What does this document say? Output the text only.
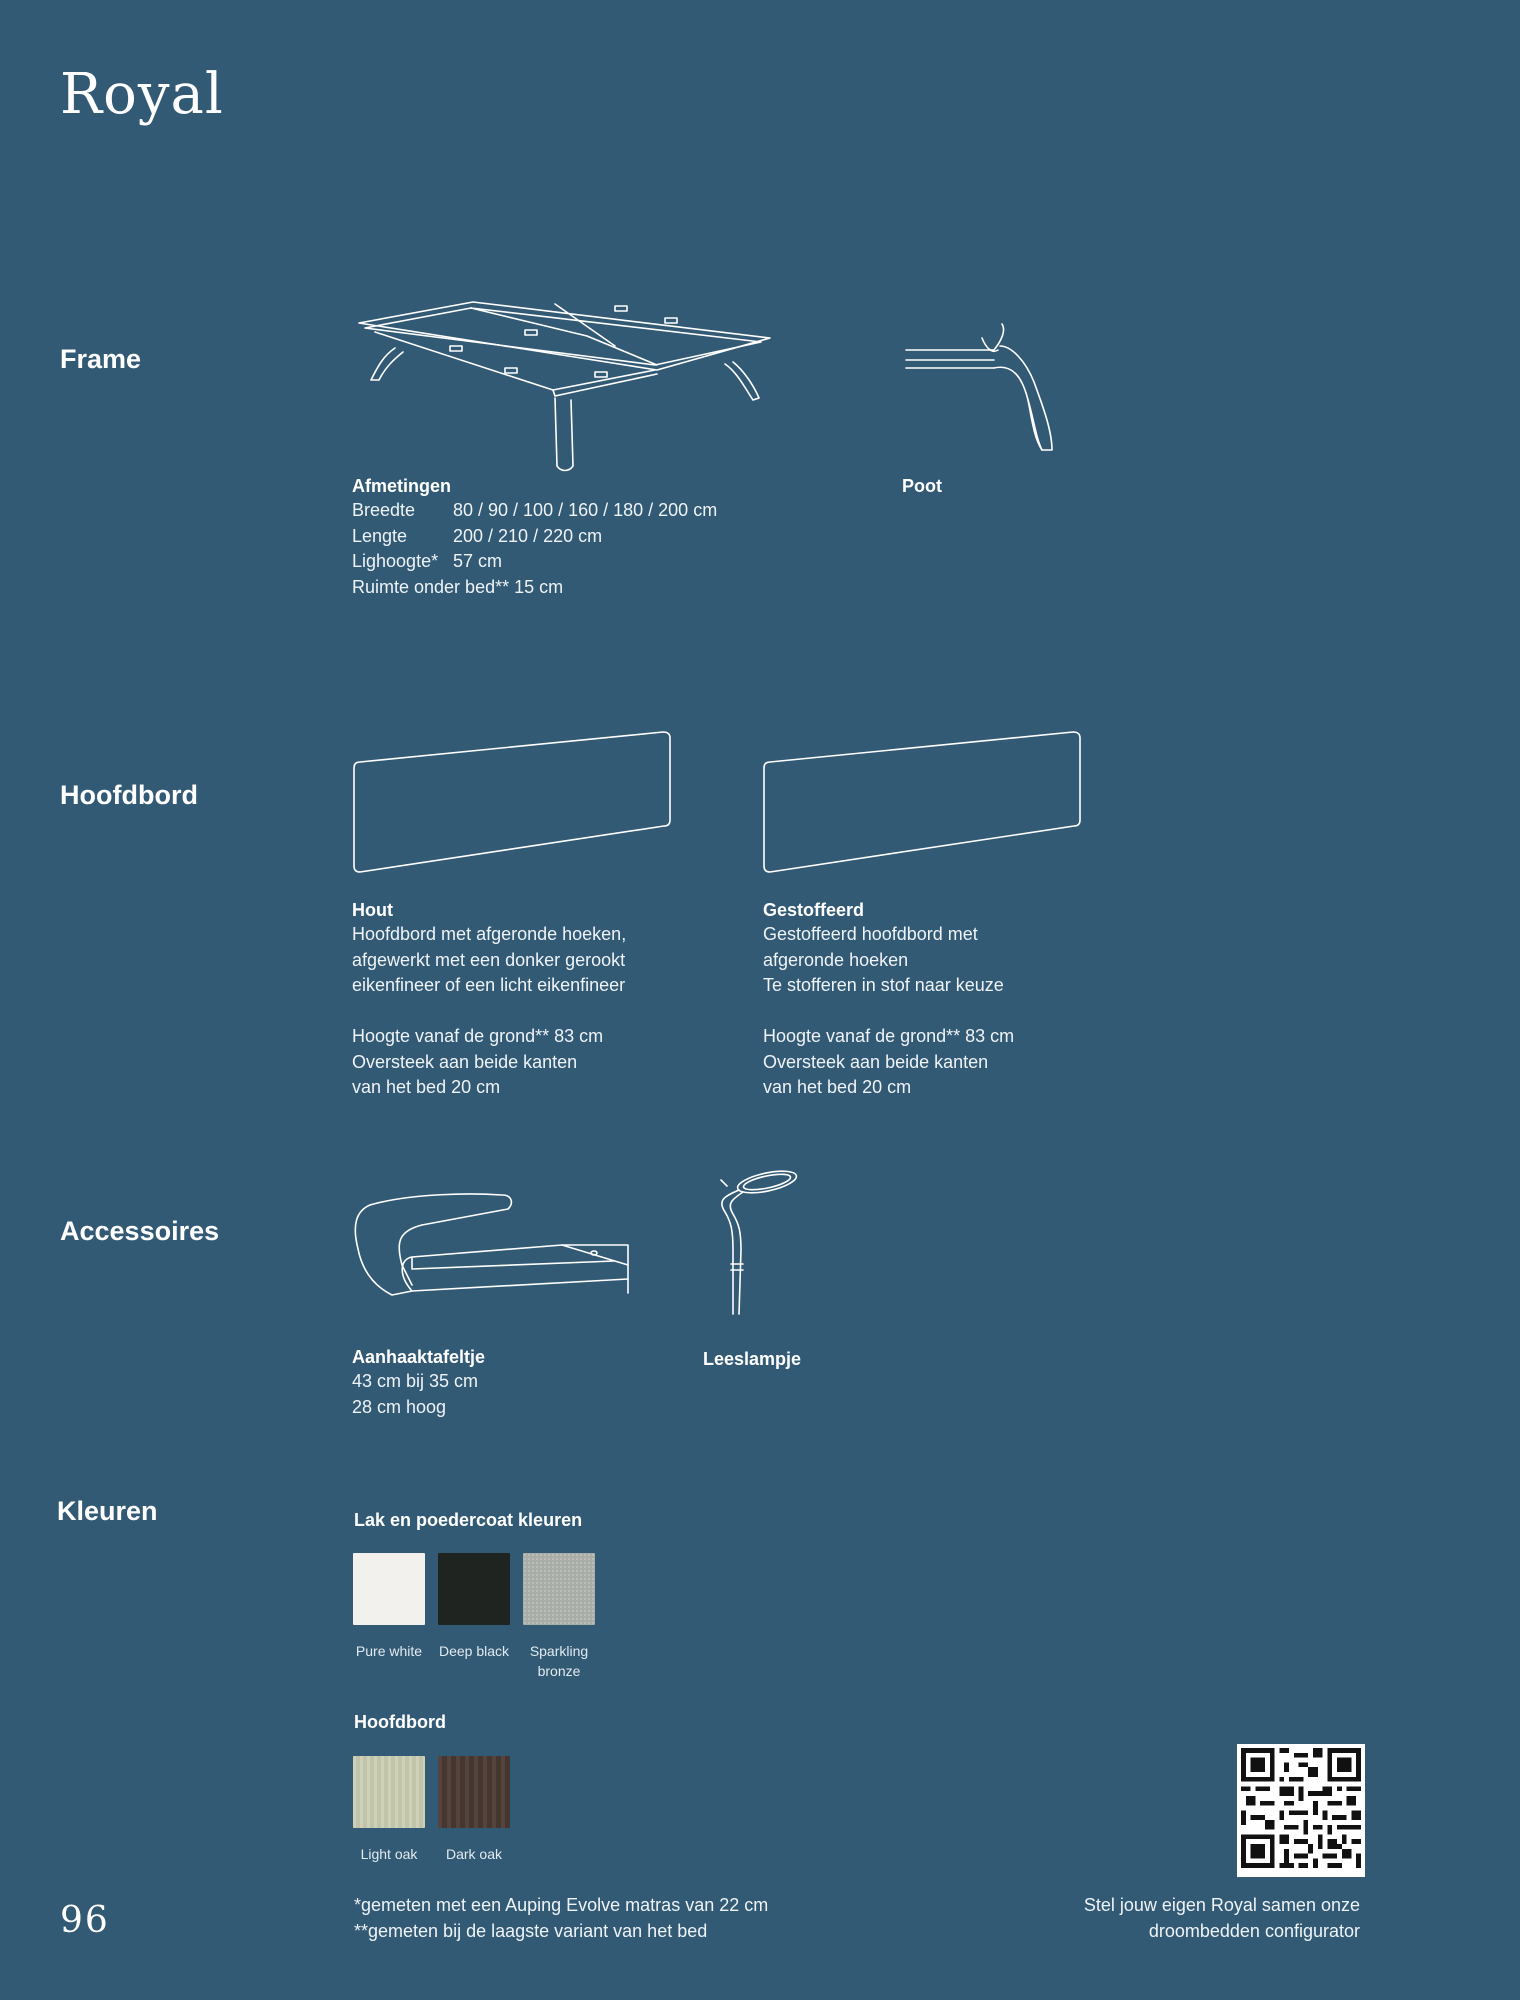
Royal
Frame
Afmetingen
Breedte	80 / 90 / 100 / 160 / 180 / 200 cm
Lengte	200 / 210 / 220 cm
Lighoogte* 57 cm
Ruimte onder bed** 15 cm
Poot
Hoofdbord
Hout
Hoofdbord met afgeronde hoeken,
afgewerkt met een donker gerookt
eikenfineer of een licht eikenfineer

Hoogte vanaf de grond** 83 cm
Oversteek aan beide kanten
van het bed 20 cm
Gestoffeerd
Gestoffeerd hoofdbord met
afgeronde hoeken
Te stofferen in stof naar keuze

Hoogte vanaf de grond** 83 cm
Oversteek aan beide kanten
van het bed 20 cm
Accessoires
Aanhaaktafeltje
43 cm bij 35 cm
28 cm hoog
Leeslampje
Kleuren	Lak en poedercoat kleuren
Pure white	Deep black	Sparkling
bronze
Hoofdbord
Light oak	Dark oak
96	*gemeten met een Auping Evolve matras van 22 cm
**gemeten bij de laagste variant van het bed
Stel jouw eigen Royal samen onze
droombedden configurator
